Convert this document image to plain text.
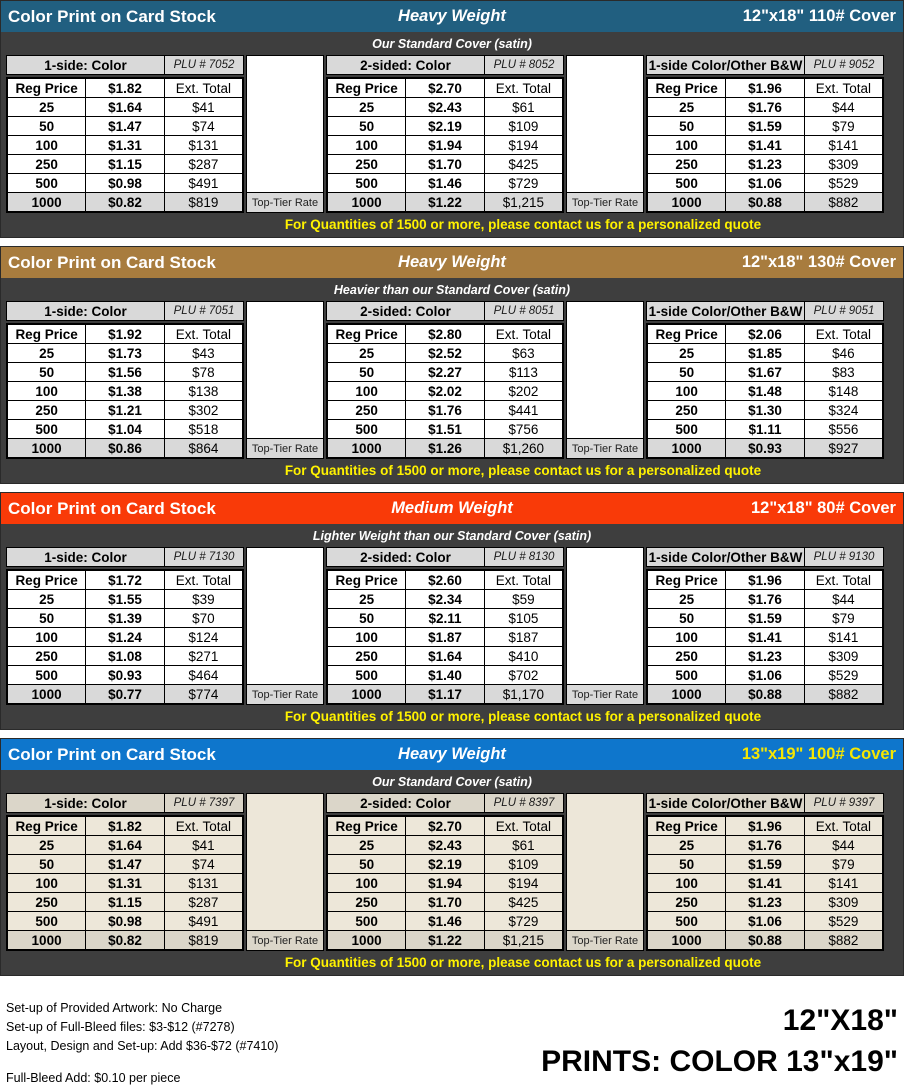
Color Print on Card Stock	Heavy Weight	12"x18" 110# Cover
Our Standard Cover (satin)
1-side: Color	PLU # 7052
Reg Price	$1.82	Ext. Total
25	$1.64	$41
50	$1.47	$74
100	$1.31	$131
250	$1.15	$287
500	$0.98	$491
1000	$0.82	$819	Top-Tier Rate
2-sided: Color	PLU # 8052
Reg Price	$2.70	Ext. Total
25	$2.43	$61
50	$2.19	$109
100	$1.94	$194
250	$1.70	$425
500	$1.46	$729
1000	$1.22	$1,215	Top-Tier Rate
1-side Color/Other B&W PLU # 9052
Reg Price	$1.96	Ext. Total
25	$1.76	$44
50	$1.59	$79
100	$1.41	$141
250	$1.23	$309
500	$1.06	$529
1000	$0.88	$882
For Quantities of 1500 or more, please contact us for a personalized quote
Color Print on Card Stock	Heavy Weight	12"x18" 130# Cover
Heavier than our Standard Cover (satin)
1-side: Color	PLU # 7051
Reg Price	$1.92	Ext. Total
25	$1.73	$43
50	$1.56	$78
100	$1.38	$138
250	$1.21	$302
500	$1.04	$518
1000	$0.86	$864	Top-Tier Rate
2-sided: Color	PLU # 8051
Reg Price	$2.80	Ext. Total
25	$2.52	$63
50	$2.27	$113
100	$2.02	$202
250	$1.76	$441
500	$1.51	$756
1000	$1.26	$1,260	Top-Tier Rate
1-side Color/Other B&W PLU # 9051
Reg Price	$2.06	Ext. Total
25	$1.85	$46
50	$1.67	$83
100	$1.48	$148
250	$1.30	$324
500	$1.11	$556
1000	$0.93	$927
For Quantities of 1500 or more, please contact us for a personalized quote
Color Print on Card Stock	Medium Weight	12"x18" 80# Cover
Lighter Weight than our Standard Cover (satin)
1-side: Color	PLU # 7130
Reg Price	$1.72	Ext. Total
25	$1.55	$39
50	$1.39	$70
100	$1.24	$124
250	$1.08	$271
500	$0.93	$464
1000	$0.77	$774	Top-Tier Rate
2-sided: Color	PLU # 8130
Reg Price	$2.60	Ext. Total
25	$2.34	$59
50	$2.11	$105
100	$1.87	$187
250	$1.64	$410
500	$1.40	$702
1000	$1.17	$1,170	Top-Tier Rate
1-side Color/Other B&W PLU # 9130
Reg Price	$1.96	Ext. Total
25	$1.76	$44
50	$1.59	$79
100	$1.41	$141
250	$1.23	$309
500	$1.06	$529
1000	$0.88	$882
For Quantities of 1500 or more, please contact us for a personalized quote
Color Print on Card Stock	Heavy Weight	13"x19" 100# Cover
Our Standard Cover (satin)
1-side: Color	PLU # 7397
Reg Price	$1.82	Ext. Total
25	$1.64	$41
50	$1.47	$74
100	$1.31	$131
250	$1.15	$287
500	$0.98	$491
1000	$0.82	$819	Top-Tier Rate
2-sided: Color	PLU # 8397
Reg Price	$2.70	Ext. Total
25	$2.43	$61
50	$2.19	$109
100	$1.94	$194
250	$1.70	$425
500	$1.46	$729
1000	$1.22	$1,215	Top-Tier Rate
1-side Color/Other B&W PLU # 9397
Reg Price	$1.96	Ext. Total
25	$1.76	$44
50	$1.59	$79
100	$1.41	$141
250	$1.23	$309
500	$1.06	$529
1000	$0.88	$882
For Quantities of 1500 or more, please contact us for a personalized quote
Set-up of Provided Artwork: No Charge
Set-up of Full-Bleed files: $3-$12 (#7278)
Layout, Design and Set-up: Add $36-$72 (#7410)
Full-Bleed Add: $0.10 per piece
12"X18"
PRINTS: COLOR 13"x19"
